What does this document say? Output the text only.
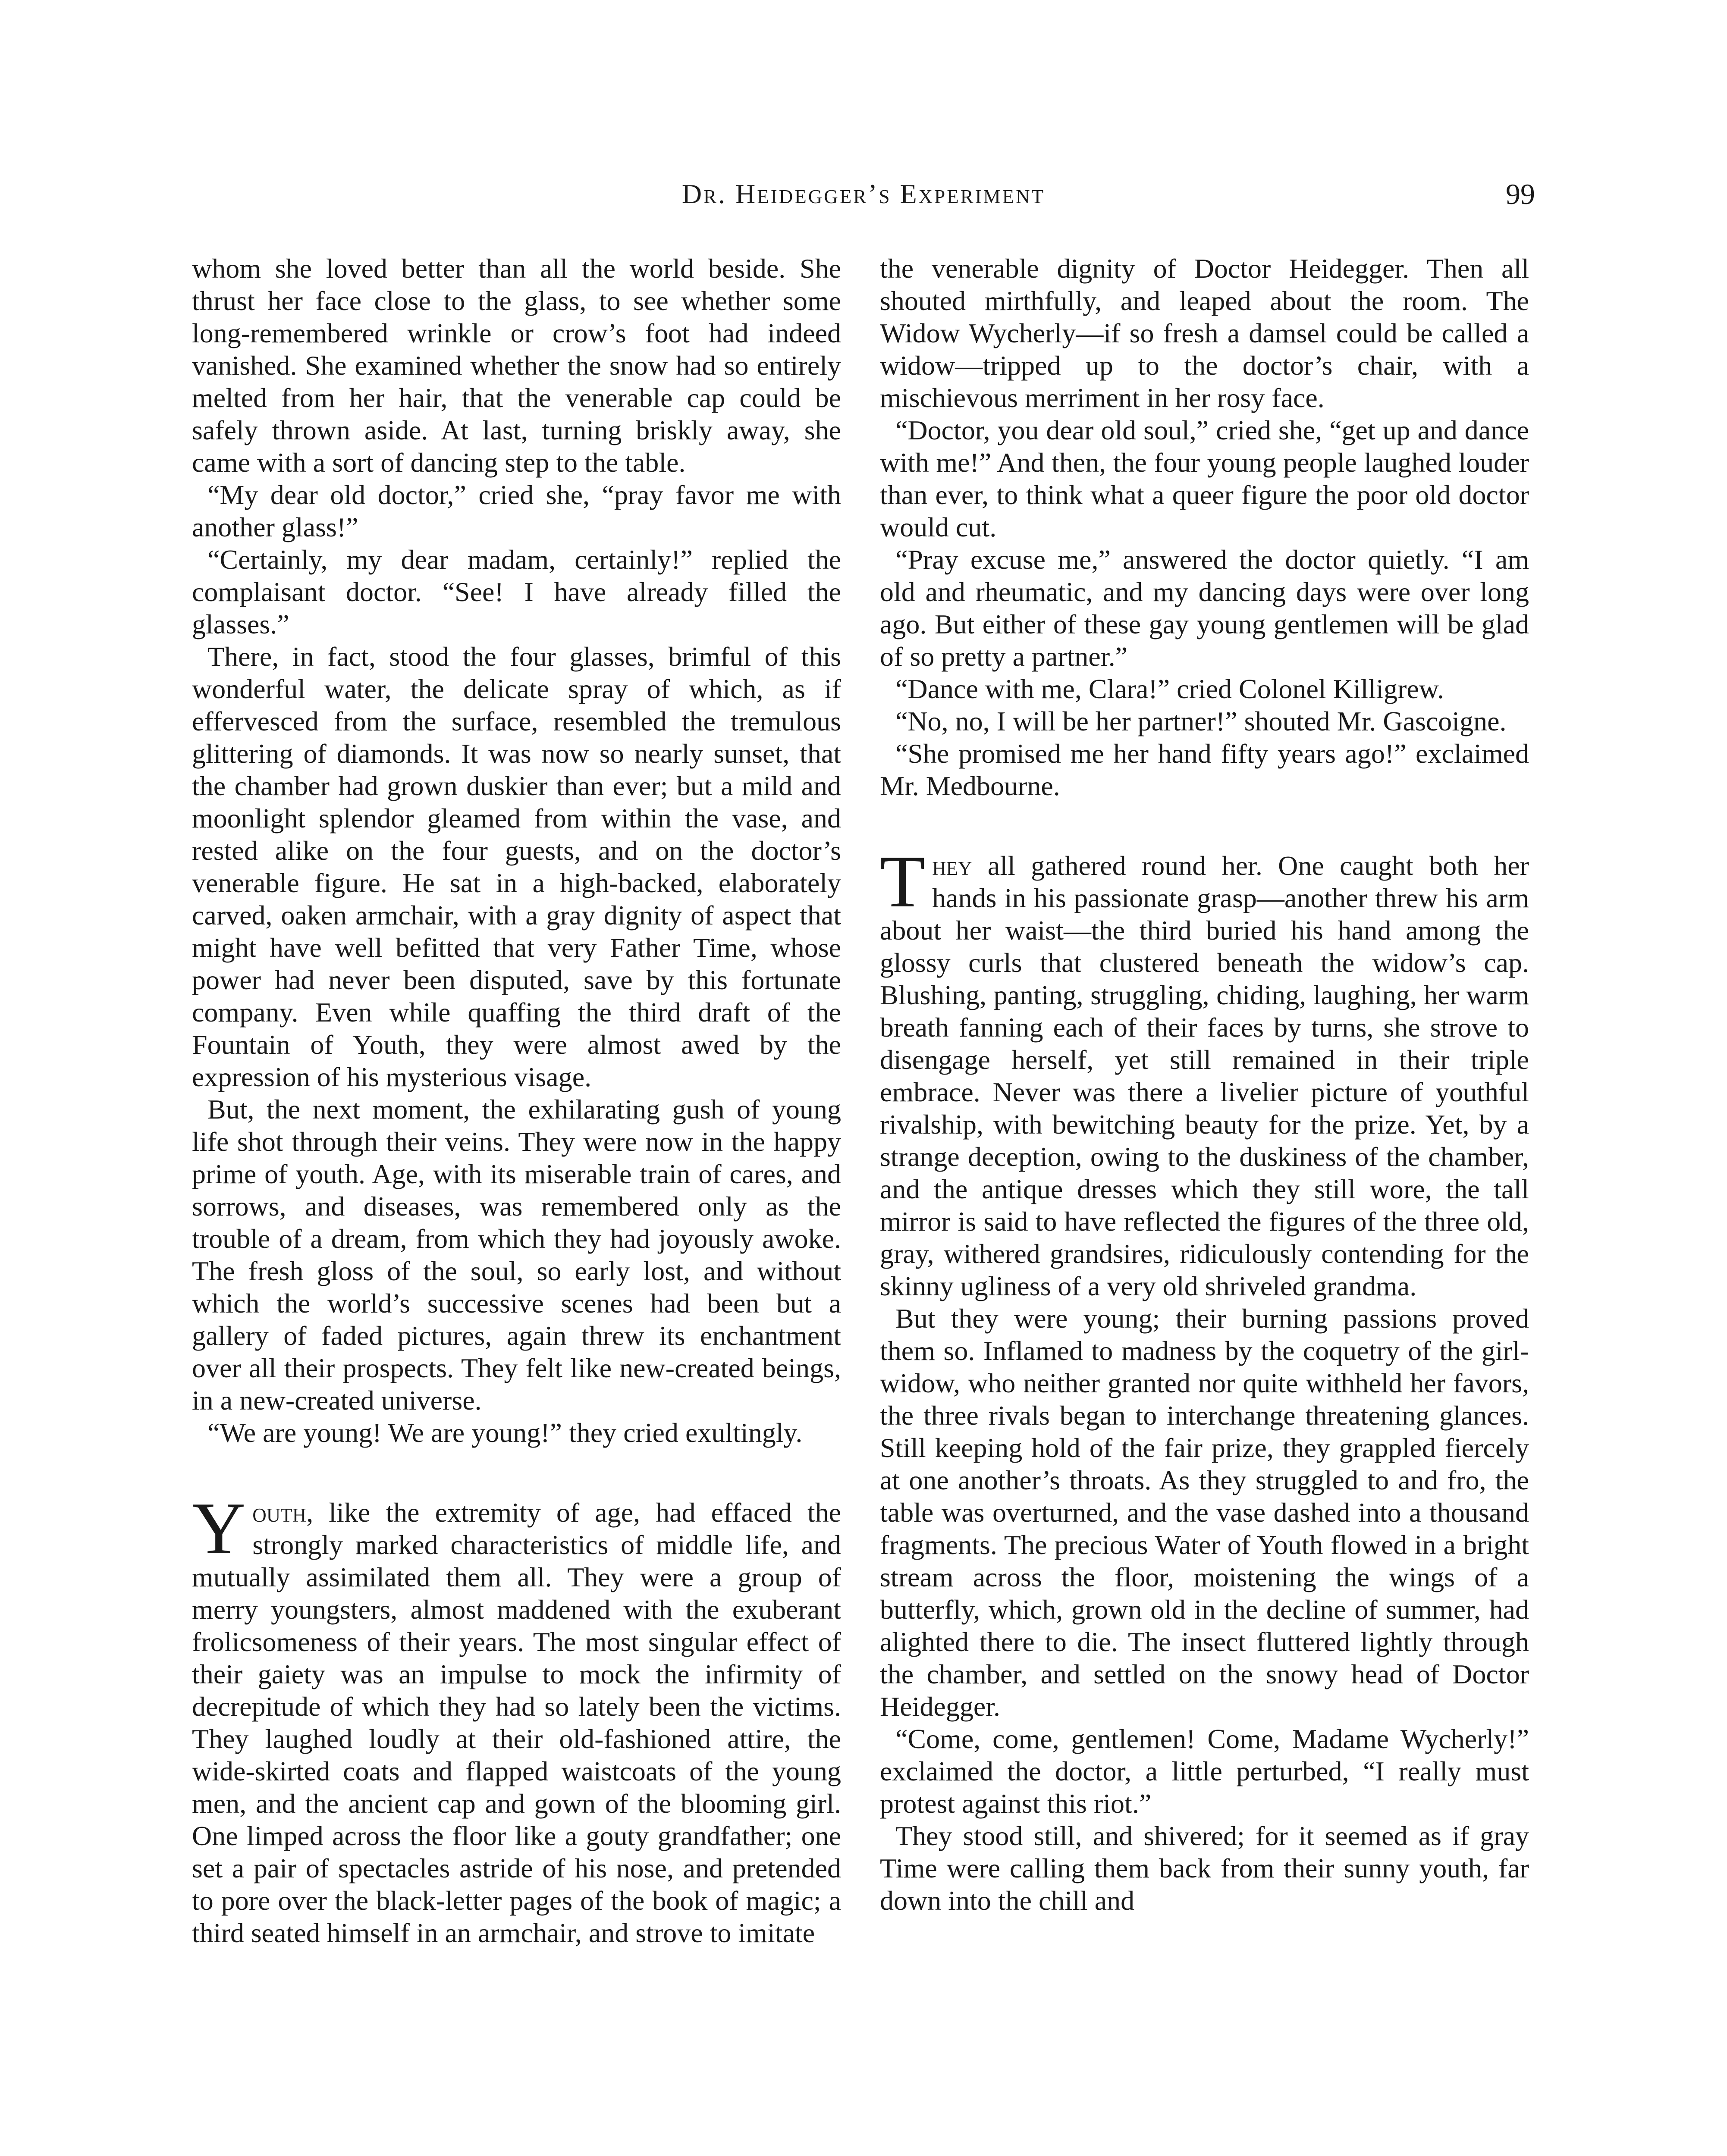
Dr. Heidegger’s Experiment	99

whom she loved better than all the world beside. She thrust her face close to the glass, to see whether some long-remembered wrinkle or crow’s foot had indeed vanished. She examined whether the snow had so entirely melted from her hair, that the venerable cap could be safely thrown aside. At last, turning briskly away, she came with a sort of dancing step to the table.

“My dear old doctor,” cried she, “pray favor me with another glass!”

“Certainly, my dear madam, certainly!” replied the complaisant doctor. “See! I have already filled the glasses.”

There, in fact, stood the four glasses, brimful of this wonderful water, the delicate spray of which, as if effervesced from the surface, resembled the tremulous glittering of diamonds. It was now so nearly sunset, that the chamber had grown duskier than ever; but a mild and moonlight splendor gleamed from within the vase, and rested alike on the four guests, and on the doctor’s venerable figure. He sat in a high-backed, elaborately carved, oaken armchair, with a gray dignity of aspect that might have well befitted that very Father Time, whose power had never been disputed, save by this fortunate company. Even while quaffing the third draft of the Fountain of Youth, they were almost awed by the expression of his mysterious visage.

But, the next moment, the exhilarating gush of young life shot through their veins. They were now in the happy prime of youth. Age, with its miserable train of cares, and sorrows, and diseases, was remembered only as the trouble of a dream, from which they had joyously awoke. The fresh gloss of the soul, so early lost, and without which the world’s successive scenes had been but a gallery of faded pictures, again threw its enchantment over all their prospects. They felt like new-created beings, in a new-created universe.

“We are young! We are young!” they cried exultingly.

Youth, like the extremity of age, had effaced the strongly marked characteristics of middle life, and mutually assimilated them all. They were a group of merry youngsters, almost maddened with the exuberant frolicsomeness of their years. The most singular effect of their gaiety was an impulse to mock the infirmity of decrepitude of which they had so lately been the victims. They laughed loudly at their old-fashioned attire, the wide-skirted coats and flapped waistcoats of the young men, and the ancient cap and gown of the blooming girl. One limped across the floor like a gouty grandfather; one set a pair of spectacles astride of his nose, and pretended to pore over the black-letter pages of the book of magic; a third seated himself in an armchair, and strove to imitate

the venerable dignity of Doctor Heidegger. Then all shouted mirthfully, and leaped about the room. The Widow Wycherly—if so fresh a damsel could be called a widow—tripped up to the doctor’s chair, with a mischievous merriment in her rosy face.

“Doctor, you dear old soul,” cried she, “get up and dance with me!” And then, the four young people laughed louder than ever, to think what a queer figure the poor old doctor would cut.

“Pray excuse me,” answered the doctor quietly. “I am old and rheumatic, and my dancing days were over long ago. But either of these gay young gentlemen will be glad of so pretty a partner.”

“Dance with me, Clara!” cried Colonel Killigrew.

“No, no, I will be her partner!” shouted Mr. Gascoigne.

“She promised me her hand fifty years ago!” exclaimed Mr. Medbourne.

They all gathered round her. One caught both her hands in his passionate grasp—another threw his arm about her waist—the third buried his hand among the glossy curls that clustered beneath the widow’s cap. Blushing, panting, struggling, chiding, laughing, her warm breath fanning each of their faces by turns, she strove to disengage herself, yet still remained in their triple embrace. Never was there a livelier picture of youthful rivalship, with bewitching beauty for the prize. Yet, by a strange deception, owing to the duskiness of the chamber, and the antique dresses which they still wore, the tall mirror is said to have reflected the figures of the three old, gray, withered grandsires, ridiculously contending for the skinny ugliness of a very old shriveled grandma.

But they were young; their burning passions proved them so. Inflamed to madness by the coquetry of the girl-widow, who neither granted nor quite withheld her favors, the three rivals began to interchange threatening glances. Still keeping hold of the fair prize, they grappled fiercely at one another’s throats. As they struggled to and fro, the table was overturned, and the vase dashed into a thousand fragments. The precious Water of Youth flowed in a bright stream across the floor, moistening the wings of a butterfly, which, grown old in the decline of summer, had alighted there to die. The insect fluttered lightly through the chamber, and settled on the snowy head of Doctor Heidegger.

“Come, come, gentlemen! Come, Madame Wycherly!” exclaimed the doctor, a little perturbed, “I really must protest against this riot.”

They stood still, and shivered; for it seemed as if gray Time were calling them back from their sunny youth, far down into the chill and
